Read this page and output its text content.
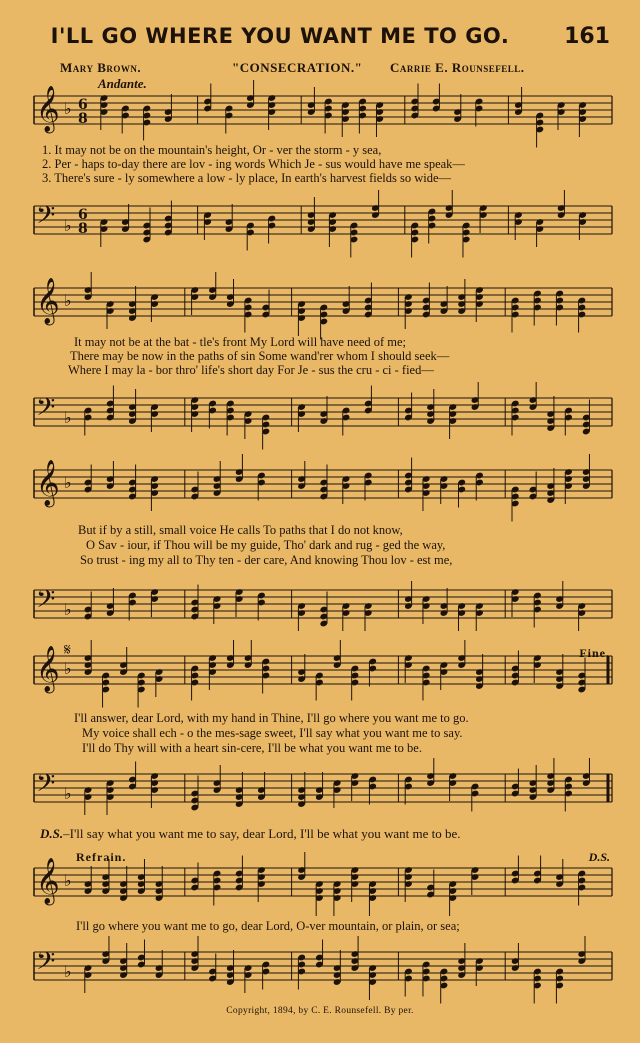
I'LL GO WHERE YOU WANT ME TO GO.	161
Mary Brown.	"CONSECRATION." Carrie E. Rounsefell.
Andante.
𝄞 ♭ 6
8
1. It may not be on the mountain's height, Or - ver the storm - y sea,
2. Per - haps to-day there are lov - ing words Which Je - sus would have me speak—
3. There's sure - ly somewhere a low - ly place, In earth's harvest fields so wide—
𝄢 ♭
6
8
𝄞 ♭
It may not be at the bat - tle's front My Lord will have need of me;
There may be now in the paths of sin Some wand'rer whom I should seek—
Where I may la - bor thro' life's short day For Je - sus the cru - ci - fied—
𝄢 ♭
𝄞 ♭
But if by a still, small voice He calls To paths that I do not know,
O Sav - iour, if Thou will be my guide, Tho' dark and rug - ged the way,
So trust - ing my all to Thy ten - der care, And knowing Thou lov - est me,
𝄢 ♭
Fine.
𝄞 ♭
𝄋
I'll answer, dear Lord, with my hand in Thine, I'll go where you want me to go.
My voice shall ech - o the mes-sage sweet, I'll say what you want me to say.
I'll do Thy will with a heart sin-cere, I'll be what you want me to be.
𝄢 ♭
D.S.–I'll say what you want me to say, dear Lord, I'll be what you want me to be.
Refrain.	D.S.
𝄞 ♭
I'll go where you want me to go, dear Lord, O-ver mountain, or plain, or sea;
𝄢 ♭
Copyright, 1894, by C. E. Rounsefell. By per.
